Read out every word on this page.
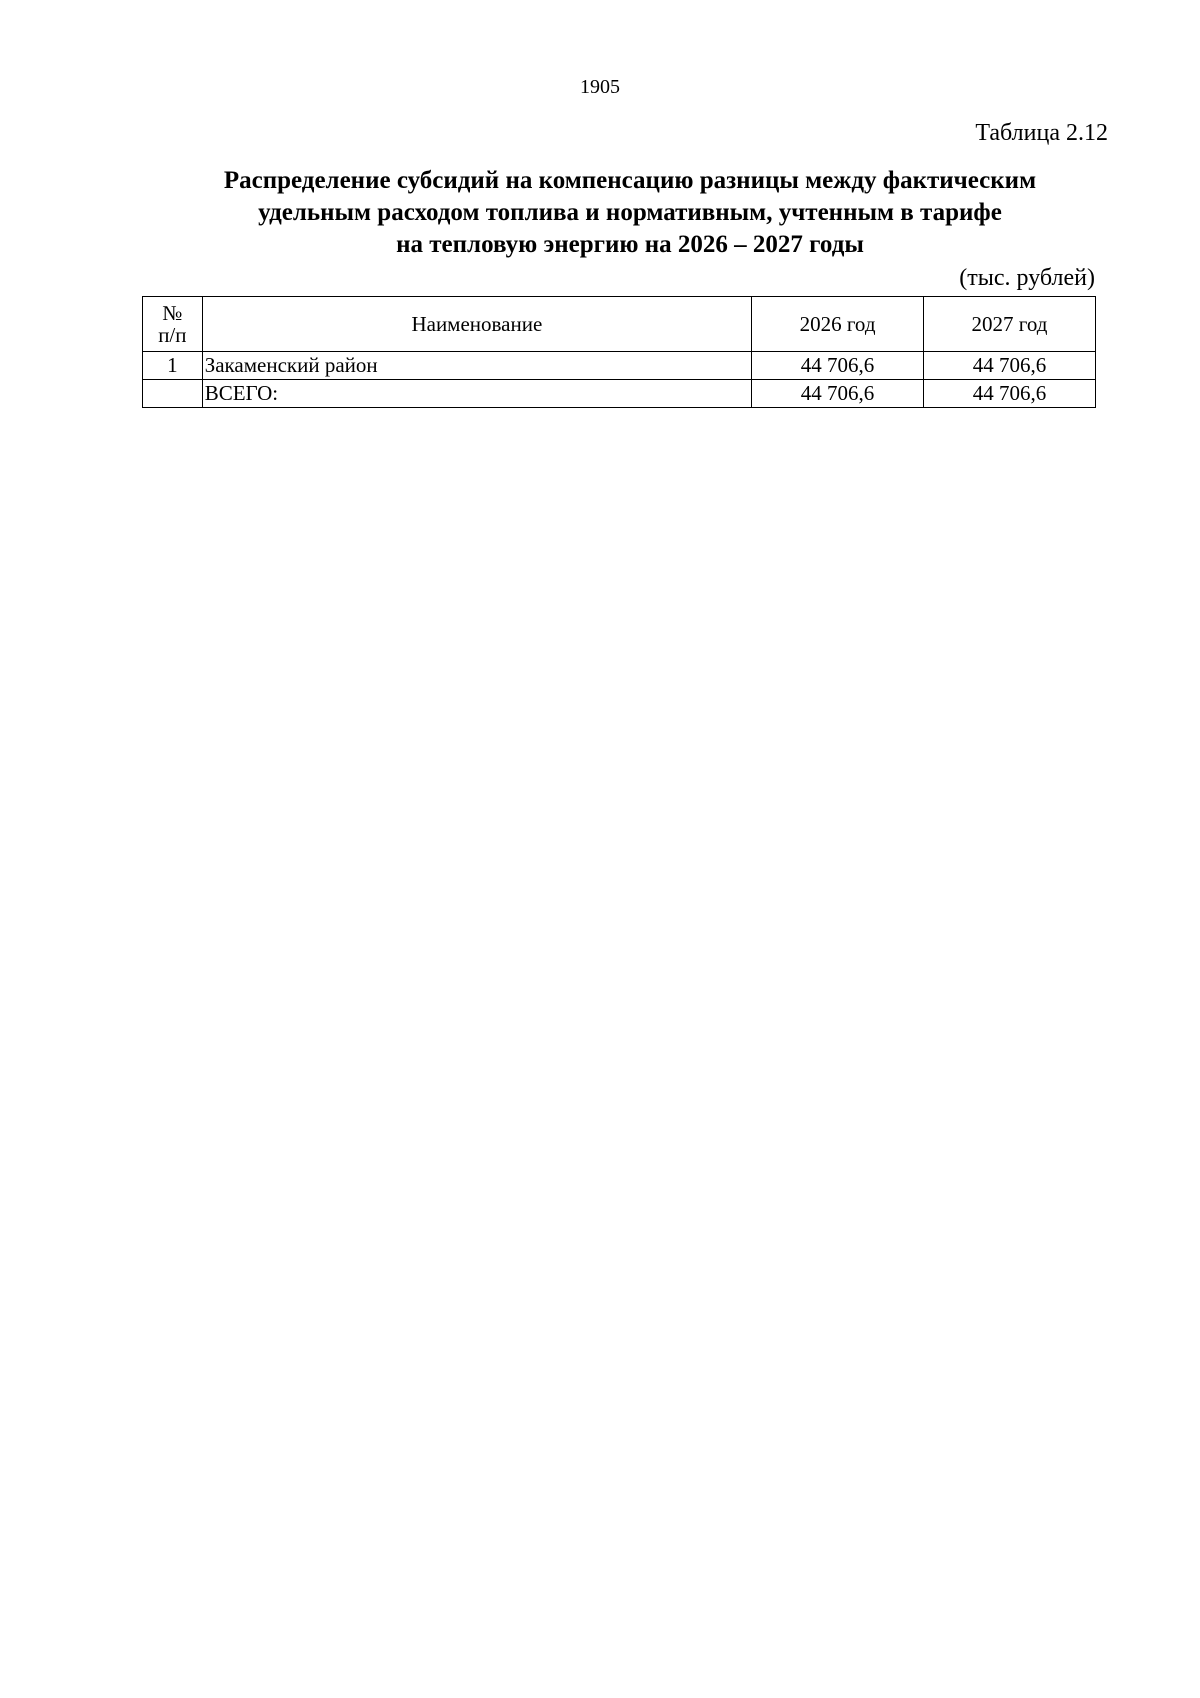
1905
Таблица 2.12
Распределение субсидий на компенсацию разницы между фактическим
удельным расходом топлива и нормативным, учтенным в тарифе
на тепловую энергию на 2026 – 2027 годы
(тыс. рублей)
№
п/п	Наименование	2026 год	2027 год
1	Закаменский район	44 706,6	44 706,6
	ВСЕГО:	44 706,6	44 706,6
